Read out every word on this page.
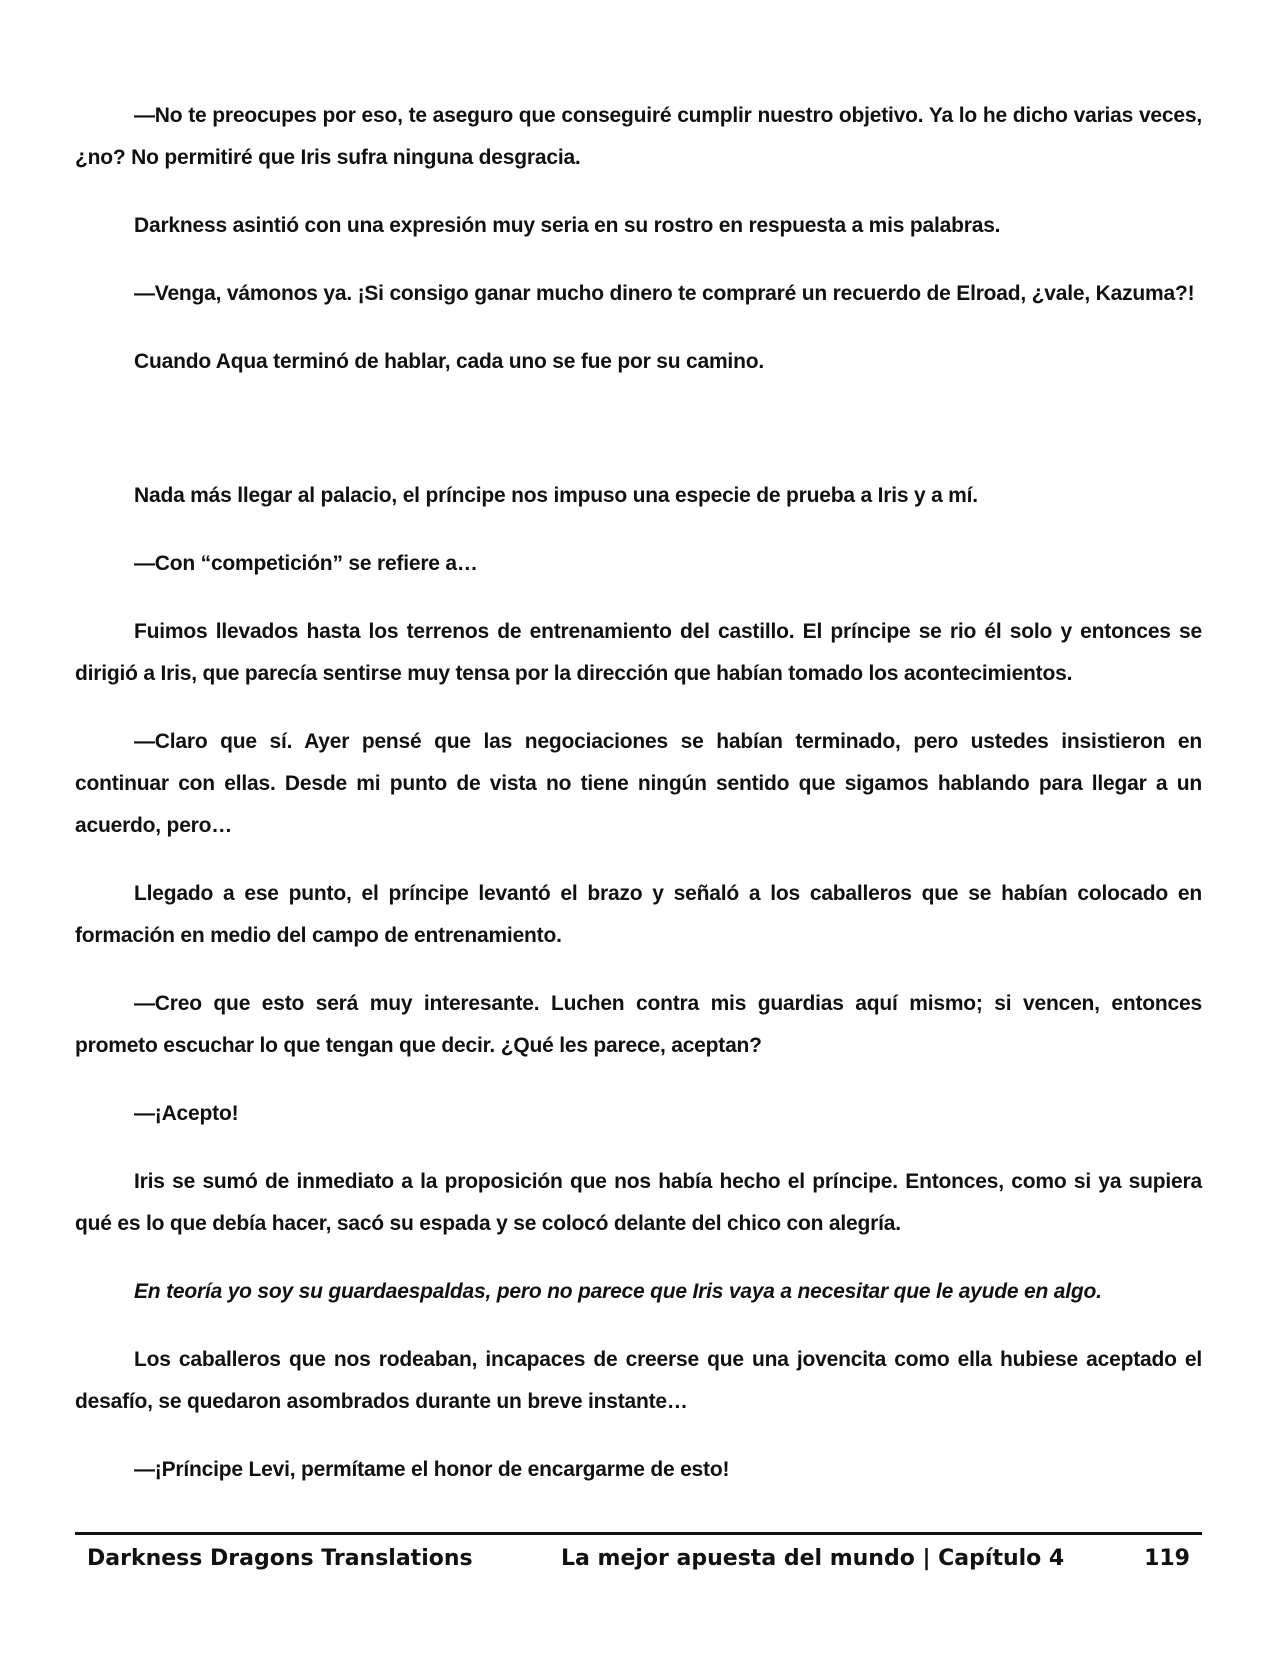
—No te preocupes por eso, te aseguro que conseguiré cumplir nuestro objetivo. Ya lo he dicho varias veces, ¿no? No permitiré que Iris sufra ninguna desgracia.

Darkness asintió con una expresión muy seria en su rostro en respuesta a mis palabras.

—Venga, vámonos ya. ¡Si consigo ganar mucho dinero te compraré un recuerdo de Elroad, ¿vale, Kazuma?!

Cuando Aqua terminó de hablar, cada uno se fue por su camino.

Nada más llegar al palacio, el príncipe nos impuso una especie de prueba a Iris y a mí.

—Con “competición” se refiere a…

Fuimos llevados hasta los terrenos de entrenamiento del castillo. El príncipe se rio él solo y entonces se dirigió a Iris, que parecía sentirse muy tensa por la dirección que habían tomado los acontecimientos.

—Claro que sí. Ayer pensé que las negociaciones se habían terminado, pero ustedes insistieron en continuar con ellas. Desde mi punto de vista no tiene ningún sentido que sigamos hablando para llegar a un acuerdo, pero…

Llegado a ese punto, el príncipe levantó el brazo y señaló a los caballeros que se habían colocado en formación en medio del campo de entrenamiento.

—Creo que esto será muy interesante. Luchen contra mis guardias aquí mismo; si vencen, entonces prometo escuchar lo que tengan que decir. ¿Qué les parece, aceptan?

—¡Acepto!

Iris se sumó de inmediato a la proposición que nos había hecho el príncipe. Entonces, como si ya supiera qué es lo que debía hacer, sacó su espada y se colocó delante del chico con alegría.

En teoría yo soy su guardaespaldas, pero no parece que Iris vaya a necesitar que le ayude en algo.

Los caballeros que nos rodeaban, incapaces de creerse que una jovencita como ella hubiese aceptado el desafío, se quedaron asombrados durante un breve instante…

—¡Príncipe Levi, permítame el honor de encargarme de esto!

Darkness Dragons Translations	La mejor apuesta del mundo | Capítulo 4	119
